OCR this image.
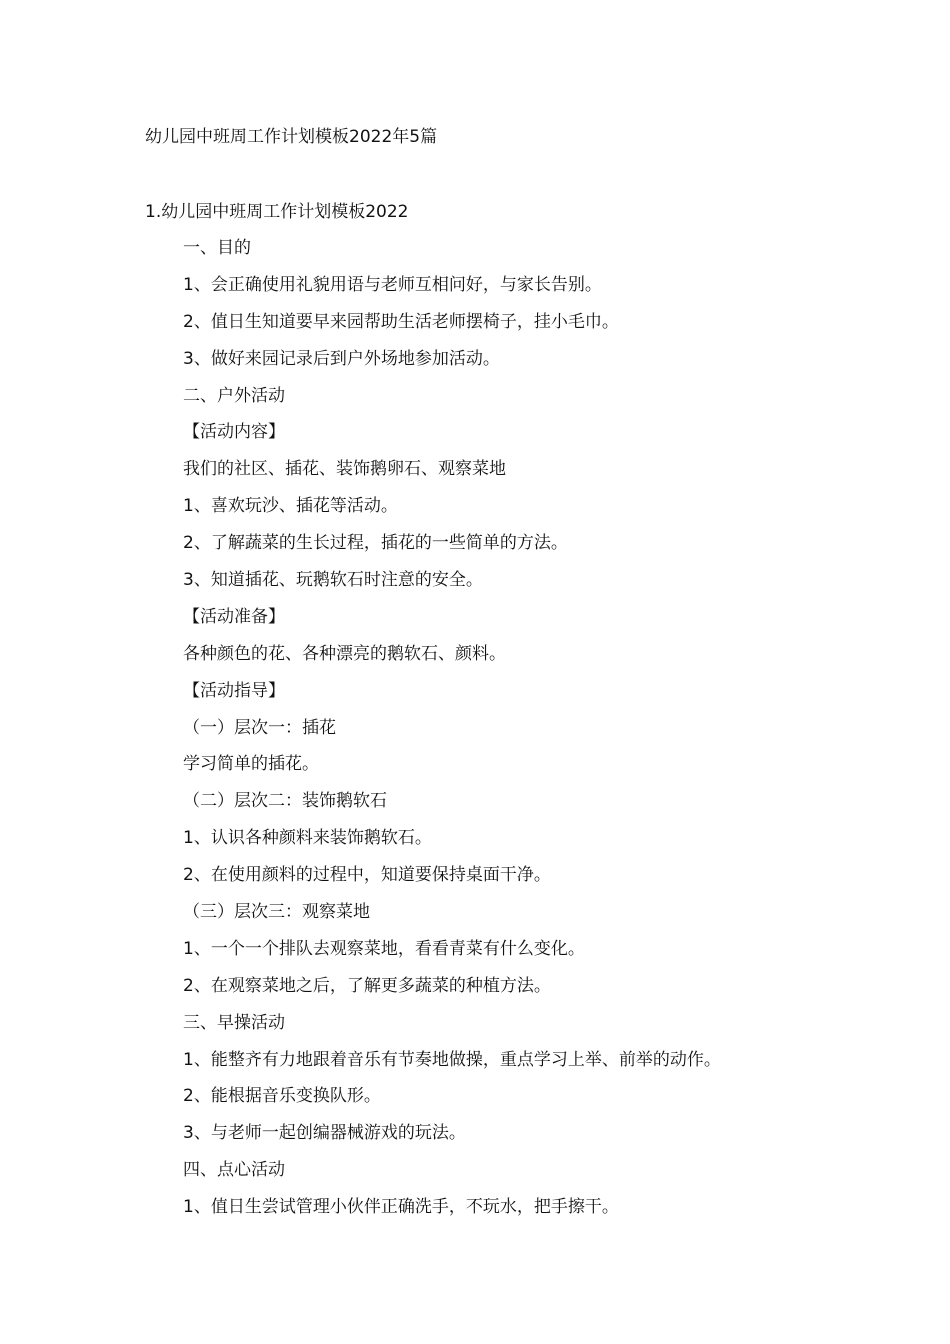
幼儿园中班周工作计划模板2022年5篇
1.幼儿园中班周工作计划模板2022
一、目的
1、会正确使用礼貌用语与老师互相问好，与家长告别。
2、值日生知道要早来园帮助生活老师摆椅子，挂小毛巾。
3、做好来园记录后到户外场地参加活动。
二、户外活动
【活动内容】
我们的社区、插花、装饰鹅卵石、观察菜地
1、喜欢玩沙、插花等活动。
2、了解蔬菜的生长过程，插花的一些简单的方法。
3、知道插花、玩鹅软石时注意的安全。
【活动准备】
各种颜色的花、各种漂亮的鹅软石、颜料。
【活动指导】
（一）层次一：插花
学习简单的插花。
（二）层次二：装饰鹅软石
1、认识各种颜料来装饰鹅软石。
2、在使用颜料的过程中，知道要保持桌面干净。
（三）层次三：观察菜地
1、一个一个排队去观察菜地，看看青菜有什么变化。
2、在观察菜地之后，了解更多蔬菜的种植方法。
三、早操活动
1、能整齐有力地跟着音乐有节奏地做操，重点学习上举、前举的动作。
2、能根据音乐变换队形。
3、与老师一起创编器械游戏的玩法。
四、点心活动
1、值日生尝试管理小伙伴正确洗手，不玩水，把手擦干。
